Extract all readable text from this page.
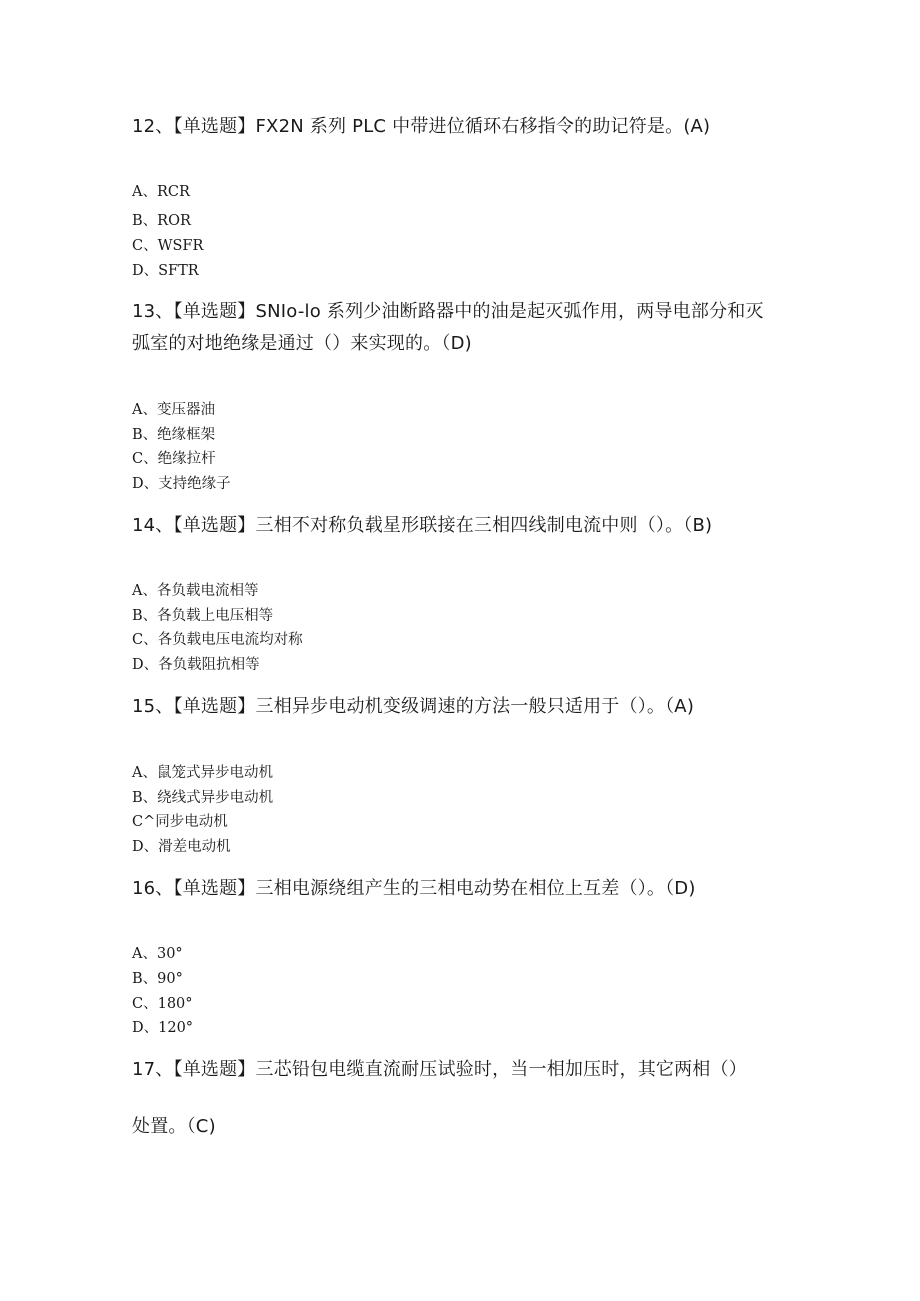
12、【单选题】FX2N 系列 PLC 中带进位循环右移指令的助记符是。(A)
A、RCR
B、ROR
C、WSFR
D、SFTR
13、【单选题】SNIo-lo 系列少油断路器中的油是起灭弧作用，两导电部分和灭
弧室的对地绝缘是通过（）来实现的。（D)
A、变压器油
B、绝缘框架
C、绝缘拉杆
D、支持绝缘子
14、【单选题】三相不对称负载星形联接在三相四线制电流中则（）。（B)
A、各负载电流相等
B、各负载上电压相等
C、各负载电压电流均对称
D、各负载阻抗相等
15、【单选题】三相异步电动机变级调速的方法一般只适用于（）。（A)
A、鼠笼式异步电动机
B、绕线式异步电动机
C^同步电动机
D、滑差电动机
16、【单选题】三相电源绕组产生的三相电动势在相位上互差（）。（D)
A、30°
B、90°
C、180°
D、120°
17、【单选题】三芯铅包电缆直流耐压试验时，当一相加压时，其它两相（）
处置。（C)
